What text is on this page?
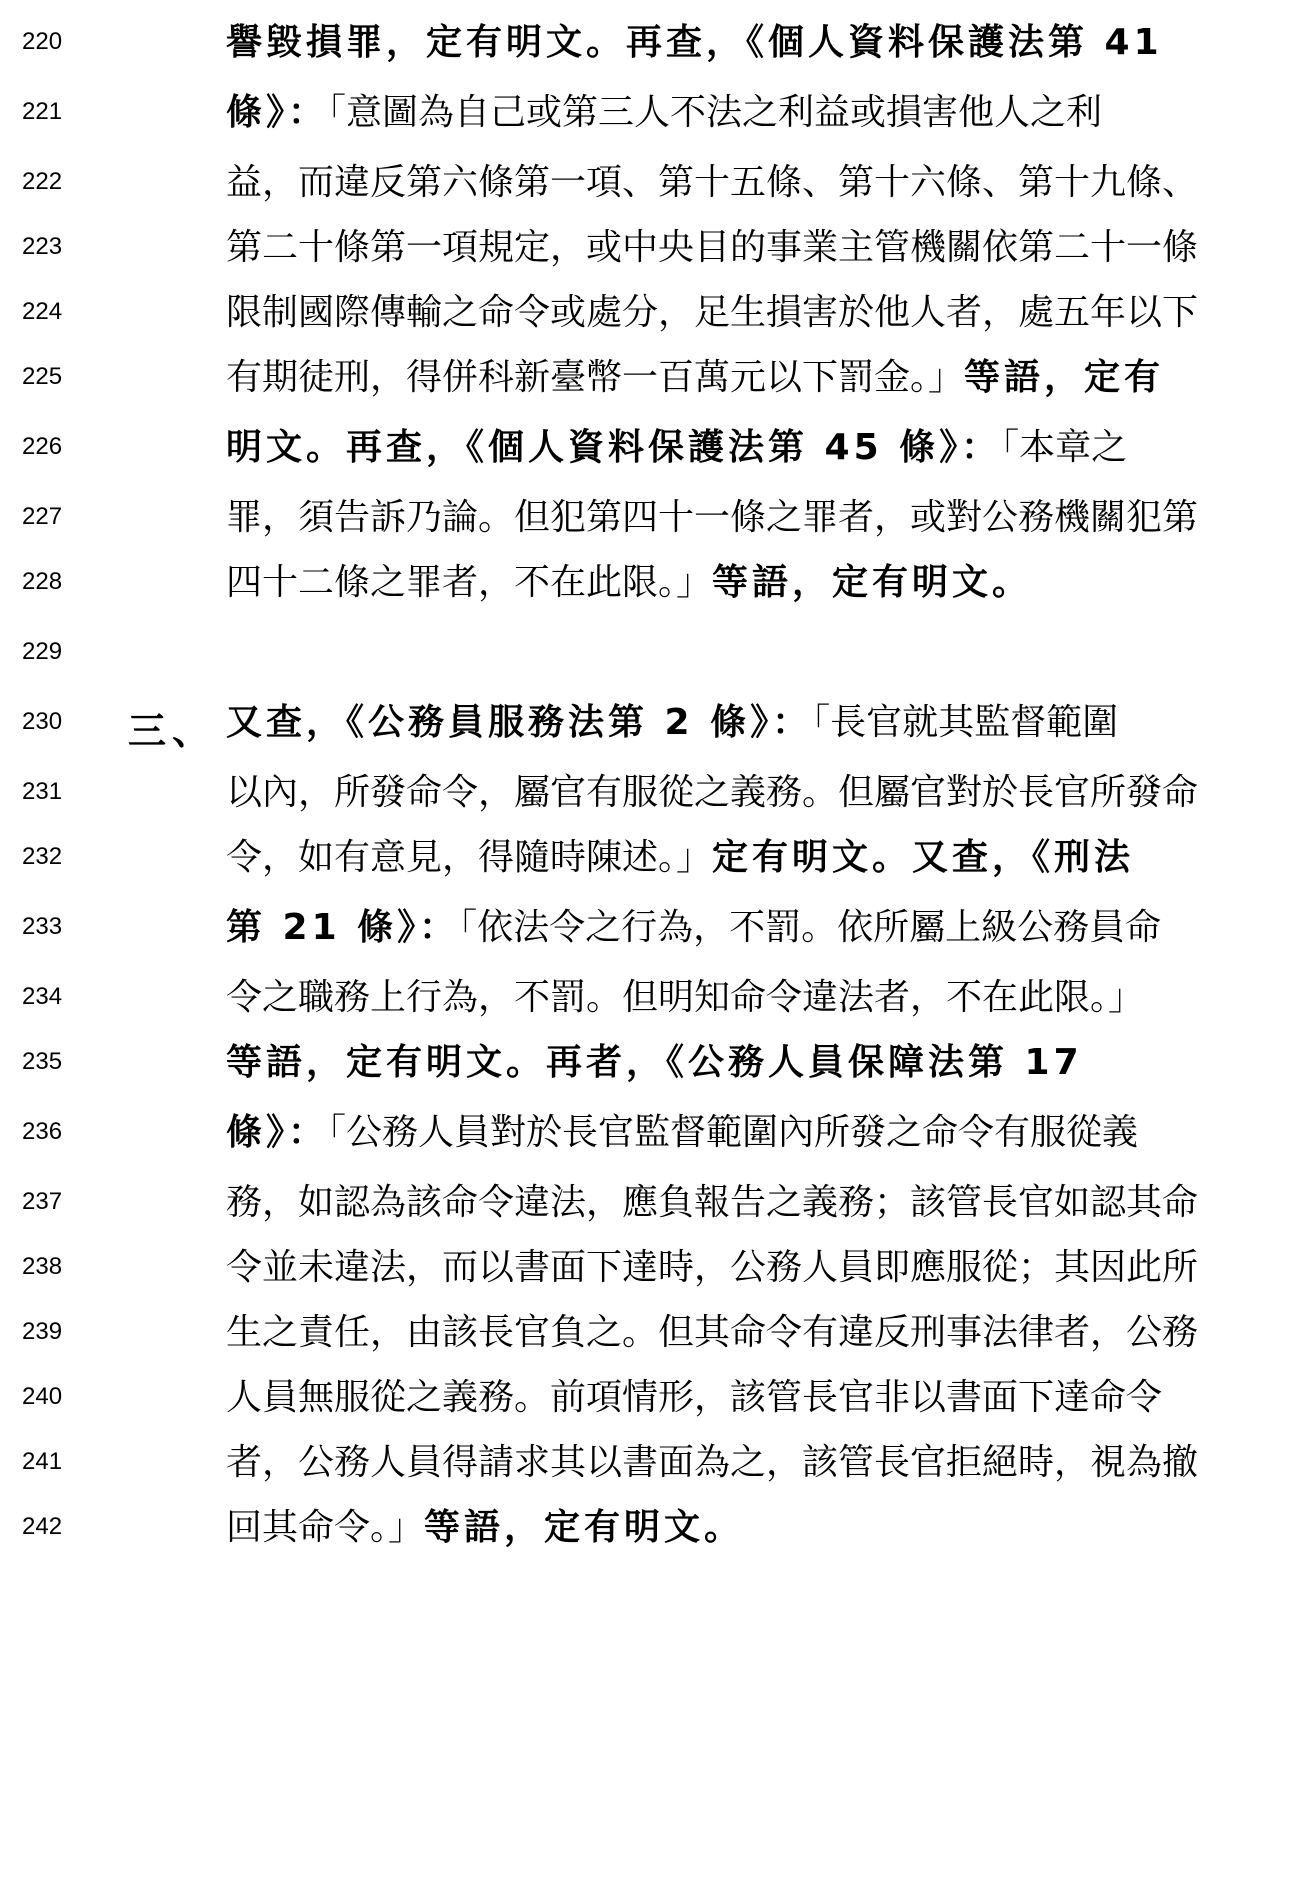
220	譽毀損罪，定有明文。再查，《個人資料保護法第 41
221	條》：「意圖為自己或第三人不法之利益或損害他人之利
222	益，而違反第六條第一項、第十五條、第十六條、第十九條、
223	第二十條第一項規定，或中央目的事業主管機關依第二十一條
224	限制國際傳輸之命令或處分，足生損害於他人者，處五年以下
225	有期徒刑，得併科新臺幣一百萬元以下罰金。」等語，定有
226	明文。再查，《個人資料保護法第 45 條》：「本章之
227	罪，須告訴乃論。但犯第四十一條之罪者，或對公務機關犯第
228	四十二條之罪者，不在此限。」等語，定有明文。
229
230	三、 又查，《公務員服務法第 2 條》：「長官就其監督範圍
231	以內，所發命令，屬官有服從之義務。但屬官對於長官所發命
232	令，如有意見，得隨時陳述。」定有明文。又查，《刑法
233	第 21 條》：「依法令之行為，不罰。依所屬上級公務員命
234	令之職務上行為，不罰。但明知命令違法者，不在此限。」
235	等語，定有明文。再者，《公務人員保障法第 17
236	條》：「公務人員對於長官監督範圍內所發之命令有服從義
237	務，如認為該命令違法，應負報告之義務；該管長官如認其命
238	令並未違法，而以書面下達時，公務人員即應服從；其因此所
239	生之責任，由該長官負之。但其命令有違反刑事法律者，公務
240	人員無服從之義務。前項情形，該管長官非以書面下達命令
241	者，公務人員得請求其以書面為之，該管長官拒絕時，視為撤
242	回其命令。」等語，定有明文。
